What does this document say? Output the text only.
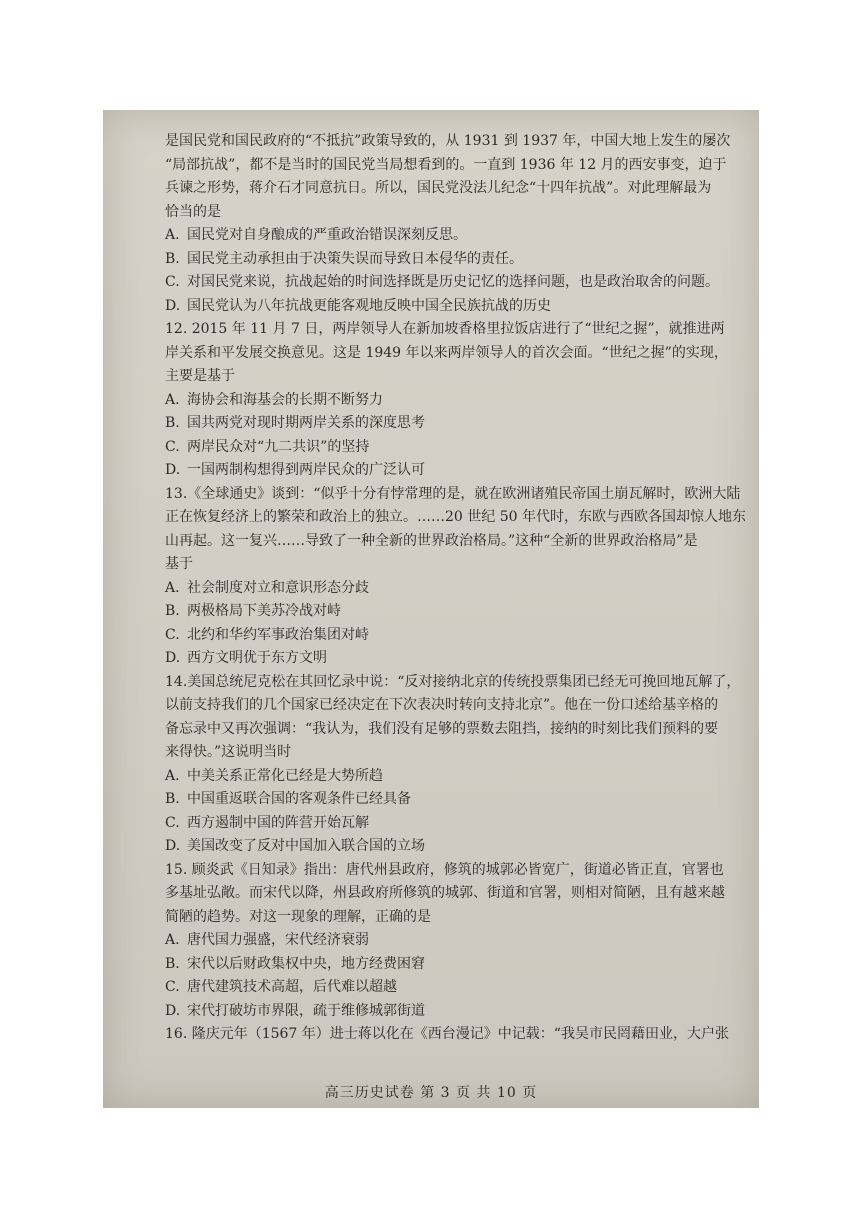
是国民党和国民政府的“不抵抗”政策导致的，从 1931 到 1937 年，中国大地上发生的屡次
“局部抗战”，都不是当时的国民党当局想看到的。一直到 1936 年 12 月的西安事变，迫于
兵谏之形势，蒋介石才同意抗日。所以，国民党没法儿纪念“十四年抗战”。对此理解最为
恰当的是
A. 国民党对自身酿成的严重政治错误深刻反思。
B. 国民党主动承担由于决策失误而导致日本侵华的责任。
C. 对国民党来说，抗战起始的时间选择既是历史记忆的选择问题，也是政治取舍的问题。
D. 国民党认为八年抗战更能客观地反映中国全民族抗战的历史
12. 2015 年 11 月 7 日，两岸领导人在新加坡香格里拉饭店进行了“世纪之握”，就推进两
岸关系和平发展交换意见。这是 1949 年以来两岸领导人的首次会面。“世纪之握”的实现，
主要是基于
A. 海协会和海基会的长期不断努力
B. 国共两党对现时期两岸关系的深度思考
C. 两岸民众对“九二共识”的坚持
D. 一国两制构想得到两岸民众的广泛认可
13.《全球通史》谈到：“似乎十分有悖常理的是，就在欧洲诸殖民帝国土崩瓦解时，欧洲大陆
正在恢复经济上的繁荣和政治上的独立。……20 世纪 50 年代时，东欧与西欧各国却惊人地东
山再起。这一复兴……导致了一种全新的世界政治格局。”这种“全新的世界政治格局”是
基于
A. 社会制度对立和意识形态分歧
B. 两极格局下美苏冷战对峙
C. 北约和华约军事政治集团对峙
D. 西方文明优于东方文明
14.美国总统尼克松在其回忆录中说：“反对接纳北京的传统投票集团已经无可挽回地瓦解了，
以前支持我们的几个国家已经决定在下次表决时转向支持北京”。他在一份口述给基辛格的
备忘录中又再次强调：“我认为，我们没有足够的票数去阻挡，接纳的时刻比我们预料的要
来得快。”这说明当时
A. 中美关系正常化已经是大势所趋
B. 中国重返联合国的客观条件已经具备
C. 西方遏制中国的阵营开始瓦解
D. 美国改变了反对中国加入联合国的立场
15. 顾炎武《日知录》指出：唐代州县政府，修筑的城郭必皆宽广，街道必皆正直，官署也
多基址弘敞。而宋代以降，州县政府所修筑的城郭、街道和官署，则相对简陋，且有越来越
简陋的趋势。对这一现象的理解，正确的是
A. 唐代国力强盛，宋代经济衰弱
B. 宋代以后财政集权中央，地方经费困窘
C. 唐代建筑技术高超，后代难以超越
D. 宋代打破坊市界限，疏于维修城郭街道
16. 隆庆元年（1567 年）进士蒋以化在《西台漫记》中记载：“我吴市民罔藉田业，大户张
高三历史试卷 第 3 页 共 10 页
